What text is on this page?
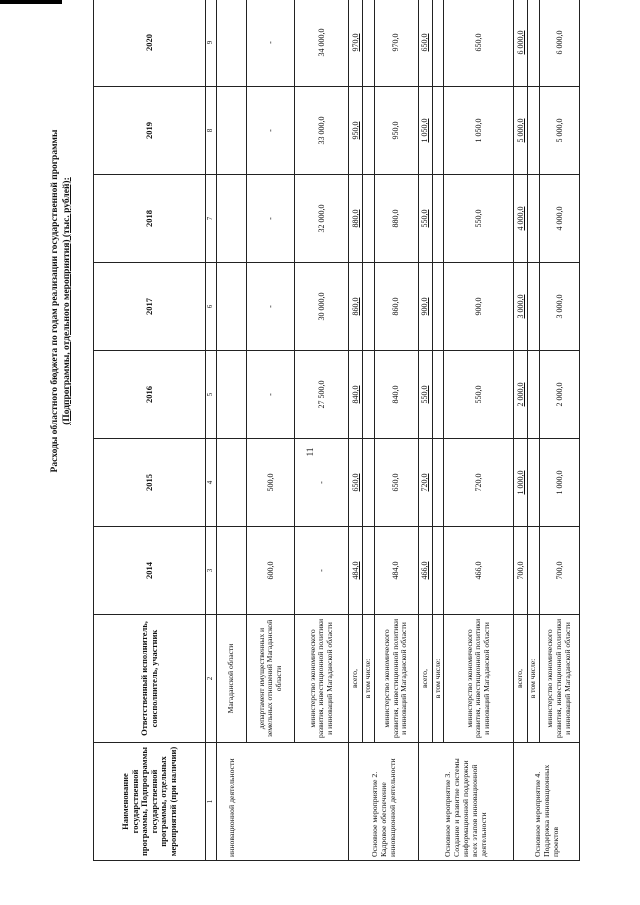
11
Расходы областного бюджета по годам реализации государственной программы (Подпрограммы, отдельного мероприятия) (тыс. рублей):
Наименование государственной программы, Подпрограммы государственной программы, отдельных мероприятий (при наличии)	Ответственный исполнитель, соисполнитель, участник	2014	2015	2016	2017	2018	2019	2020
1	2	3	4	5	6	7	8	9
инновационной деятельности	Магаданской области							
	департамент имущественных и земельных отношений Магаданской области	600,0	500,0	-	-	-	-	-
	министерство экономического развития, инвестиционной политики и инноваций Магаданской области	-	-	27 500,0	30 000,0	32 000,0	33 000,0	34 000,0
Основное мероприятие 2. Кадровое обеспечение инновационной деятельности	всего,	484,0	650,0	840,0	860,0	880,0	950,0	970,0
	в том числе:							
	министерство экономического развития, инвестиционной политики и инноваций Магаданской области	484,0	650,0	840,0	860,0	880,0	950,0	970,0
Основное мероприятие 3. Создание и развитие системы информационной поддержки всех этапов инновационной деятельности	всего,	466,0	720,0	550,0	900,0	550,0	1 050,0	650,0
	в том числе:							
	министерство экономического развития, инвестиционной политики и инноваций Магаданской области	466,0	720,0	550,0	900,0	550,0	1 050,0	650,0
Основное мероприятие 4. Поддержка инновационных проектов	всего,	700,0	1 000,0	2 000,0	3 000,0	4 000,0	5 000,0	6 000,0
	в том числе:							
	министерство экономического развития, инвестиционной политики и инноваций Магаданской области	700,0	1 000,0	2 000,0	3 000,0	4 000,0	5 000,0	6 000,0
